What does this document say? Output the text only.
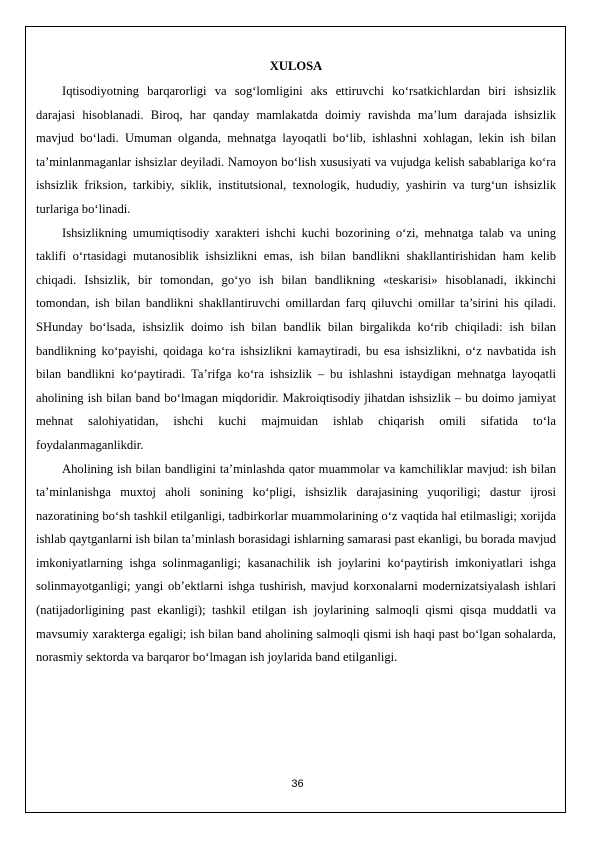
XULOSA

Iqtisodiyotning barqarorligi va sog‘lomligini aks ettiruvchi ko‘rsatkichlardan biri ishsizlik darajasi hisoblanadi. Biroq, har qanday mamlakatda doimiy ravishda ma’lum darajada ishsizlik mavjud bo‘ladi. Umuman olganda, mehnatga layoqatli bo‘lib, ishlashni xohlagan, lekin ish bilan ta’minlanmaganlar ishsizlar deyiladi. Namoyon bo‘lish xususiyati va vujudga kelish sabablariga ko‘ra ishsizlik friksion, tarkibiy, siklik, institutsional, texnologik, hududiy, yashirin va turg‘un ishsizlik turlariga bo‘linadi.

Ishsizlikning umumiqtisodiy xarakteri ishchi kuchi bozorining o‘zi, mehnatga talab va uning taklifi o‘rtasidagi mutanosiblik ishsizlikni emas, ish bilan bandlikni shakllantirishidan ham kelib chiqadi. Ishsizlik, bir tomondan, go‘yo ish bilan bandlikning «teskarisi» hisoblanadi, ikkinchi tomondan, ish bilan bandlikni shakllantiruvchi omillardan farq qiluvchi omillar ta’sirini his qiladi. SHunday bo‘lsada, ishsizlik doimo ish bilan bandlik bilan birgalikda ko‘rib chiqiladi: ish bilan bandlikning ko‘payishi, qoidaga ko‘ra ishsizlikni kamaytiradi, bu esa ishsizlikni, o‘z navbatida ish bilan bandlikni ko‘paytiradi. Ta’rifga ko‘ra ishsizlik – bu ishlashni istaydigan mehnatga layoqatli aholining ish bilan band bo‘lmagan miqdoridir. Makroiqtisodiy jihatdan ishsizlik – bu doimo jamiyat mehnat salohiyatidan, ishchi kuchi majmuidan ishlab chiqarish omili sifatida to‘la foydalanmaganlikdir.

Aholining ish bilan bandligini ta’minlashda qator muammolar va kamchiliklar mavjud: ish bilan ta’minlanishga muxtoj aholi sonining ko‘pligi, ishsizlik darajasining yuqoriligi; dastur ijrosi nazoratining bo‘sh tashkil etilganligi, tadbirkorlar muammolarining o‘z vaqtida hal etilmasligi; xorijda ishlab qaytganlarni ish bilan ta’minlash borasidagi ishlarning samarasi past ekanligi, bu borada mavjud imkoniyatlarning ishga solinmaganligi; kasanachilik ish joylarini ko‘paytirish imkoniyatlari ishga solinmayotganligi; yangi ob’ektlarni ishga tushirish, mavjud korxonalarni modernizatsiyalash ishlari (natijadorligining past ekanligi); tashkil etilgan ish joylarining salmoqli qismi qisqa muddatli va mavsumiy xarakterga egaligi; ish bilan band aholining salmoqli qismi ish haqi past bo‘lgan sohalarda, norasmiy sektorda va barqaror bo‘lmagan ish joylarida band etilganligi.

36
